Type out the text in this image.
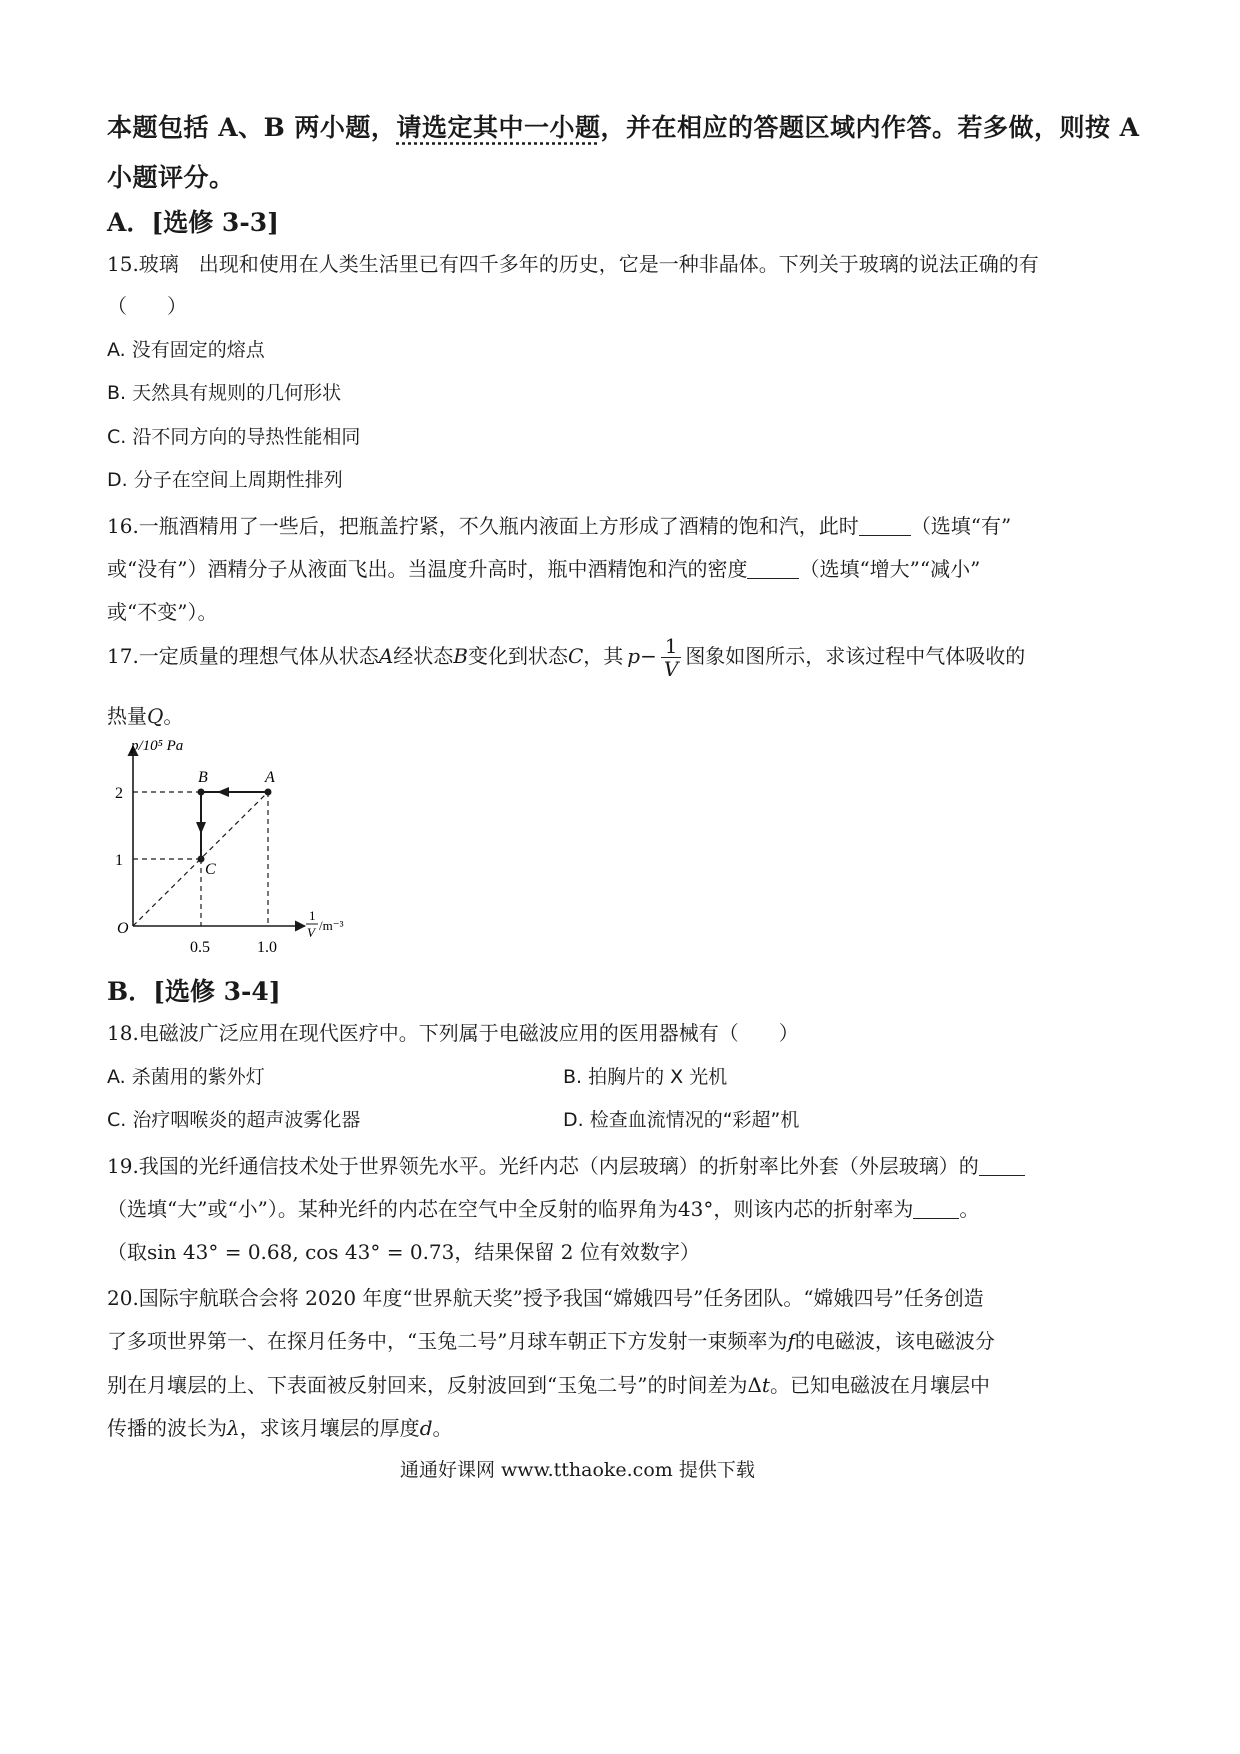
本题包括 A、B 两小题，请选定其中一小题，并在相应的答题区域内作答。若多做，则按 A
小题评分。
A．[选修 3-3]
15.玻璃　出现和使用在人类生活里已有四千多年的历史，它是一种非晶体。下列关于玻璃的说法正确的有
（　　）
A. 没有固定的熔点
B. 天然具有规则的几何形状
C. 沿不同方向的导热性能相同
D. 分子在空间上周期性排列
16.一瓶酒精用了一些后，把瓶盖拧紧，不久瓶内液面上方形成了酒精的饱和汽，此时	（选填“有”
或“没有”）酒精分子从液面飞出。当温度升高时，瓶中酒精饱和汽的密度	（选填“增大”“减小”
或“不变”）。
17.一定质量的理想气体从状态A经状态B变化到状态C，其 $p- \frac{1}{V}$ 图象如图所示，求该过程中气体吸收的
热量Q。
p/10⁵ Pa
B	A
C
2
1
O
0.5	1.0
1
V /m⁻³
B．[选修 3-4]
18.电磁波广泛应用在现代医疗中。下列属于电磁波应用的医用器械有（　　）
A. 杀菌用的紫外灯	B. 拍胸片的 X 光机
C. 治疗咽喉炎的超声波雾化器	D. 检查血流情况的“彩超”机
19.我国的光纤通信技术处于世界领先水平。光纤内芯（内层玻璃）的折射率比外套（外层玻璃）的
（选填“大”或“小”）。某种光纤的内芯在空气中全反射的临界角为43°，则该内芯的折射率为 。
（取sin 43° = 0.68, cos 43° = 0.73，结果保留 2 位有效数字）
20.国际宇航联合会将 2020 年度“世界航天奖”授予我国“嫦娥四号”任务团队。“嫦娥四号”任务创造
了多项世界第一、在探月任务中，“玉兔二号”月球车朝正下方发射一束频率为f的电磁波，该电磁波分
别在月壤层的上、下表面被反射回来，反射波回到“玉兔二号”的时间差为Δt。已知电磁波在月壤层中
传播的波长为λ，求该月壤层的厚度d。
通通好课网 www.tthaoke.com 提供下载
